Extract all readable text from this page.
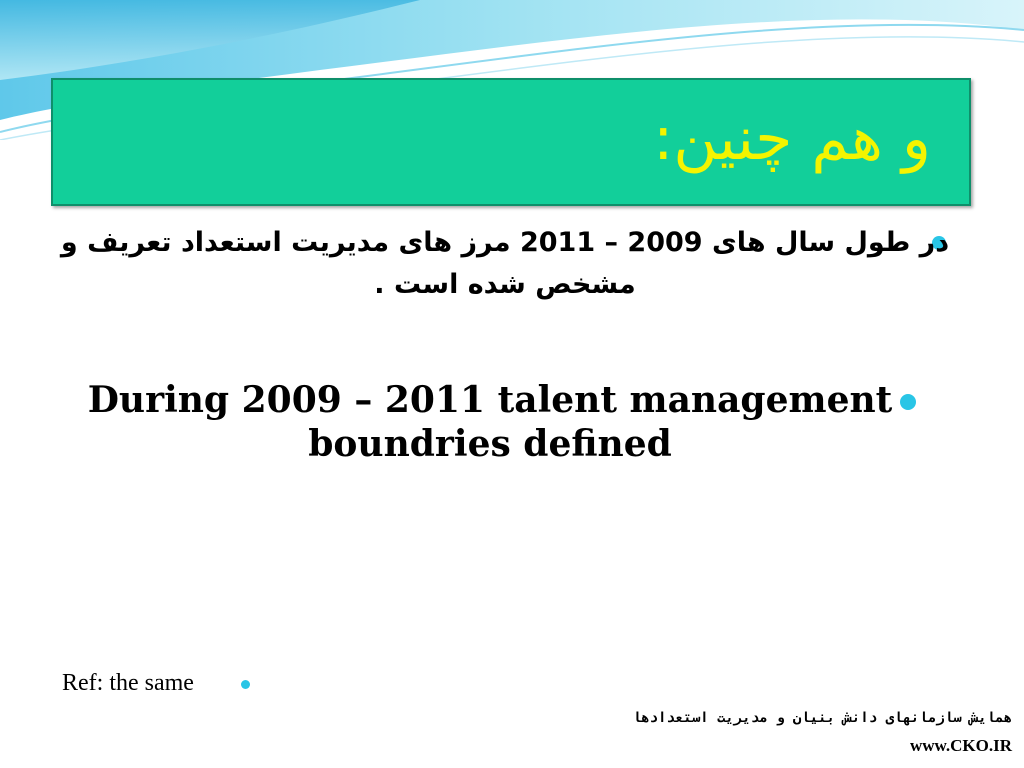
و هم چنین:
در طول سال های 2009 – 2011 مرز های مدیریت استعداد تعریف و مشخص شده است .
During 2009 – 2011 talent management boundries defined
Ref: the same
همایش سازمانهای دانش بنیان و مدیریت استعدادها
www.CKO.IR
